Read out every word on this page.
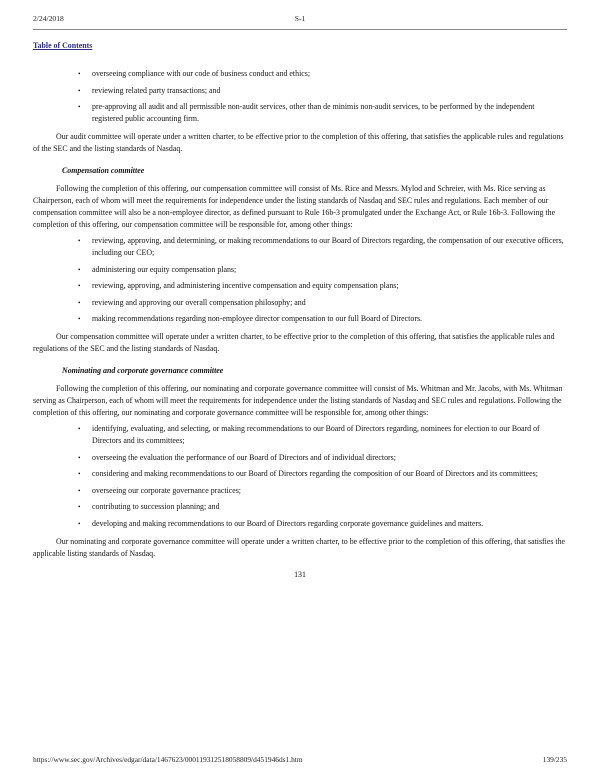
2/24/2018	S-1
Table of Contents
• overseeing compliance with our code of business conduct and ethics;
• reviewing related party transactions; and
• pre-approving all audit and all permissible non-audit services, other than de minimis non-audit services, to be performed by the independent registered public accounting firm.

Our audit committee will operate under a written charter, to be effective prior to the completion of this offering, that satisfies the applicable rules and regulations of the SEC and the listing standards of Nasdaq.

Compensation committee

Following the completion of this offering, our compensation committee will consist of Ms. Rice and Messrs. Mylod and Schreier, with Ms. Rice serving as Chairperson, each of whom will meet the requirements for independence under the listing standards of Nasdaq and SEC rules and regulations. Each member of our compensation committee will also be a non-employee director, as defined pursuant to Rule 16b-3 promulgated under the Exchange Act, or Rule 16b-3. Following the completion of this offering, our compensation committee will be responsible for, among other things:

• reviewing, approving, and determining, or making recommendations to our Board of Directors regarding, the compensation of our executive officers, including our CEO;
• administering our equity compensation plans;
• reviewing, approving, and administering incentive compensation and equity compensation plans;
• reviewing and approving our overall compensation philosophy; and
• making recommendations regarding non-employee director compensation to our full Board of Directors.

Our compensation committee will operate under a written charter, to be effective prior to the completion of this offering, that satisfies the applicable rules and regulations of the SEC and the listing standards of Nasdaq.

Nominating and corporate governance committee

Following the completion of this offering, our nominating and corporate governance committee will consist of Ms. Whitman and Mr. Jacobs, with Ms. Whitman serving as Chairperson, each of whom will meet the requirements for independence under the listing standards of Nasdaq and SEC rules and regulations. Following the completion of this offering, our nominating and corporate governance committee will be responsible for, among other things:

• identifying, evaluating, and selecting, or making recommendations to our Board of Directors regarding, nominees for election to our Board of Directors and its committees;
• overseeing the evaluation the performance of our Board of Directors and of individual directors;
• considering and making recommendations to our Board of Directors regarding the composition of our Board of Directors and its committees;
• overseeing our corporate governance practices;
• contributing to succession planning; and
• developing and making recommendations to our Board of Directors regarding corporate governance guidelines and matters.

Our nominating and corporate governance committee will operate under a written charter, to be effective prior to the completion of this offering, that satisfies the applicable listing standards of Nasdaq.

131
https://www.sec.gov/Archives/edgar/data/1467623/000119312518058809/d451946ds1.htm	139/235
